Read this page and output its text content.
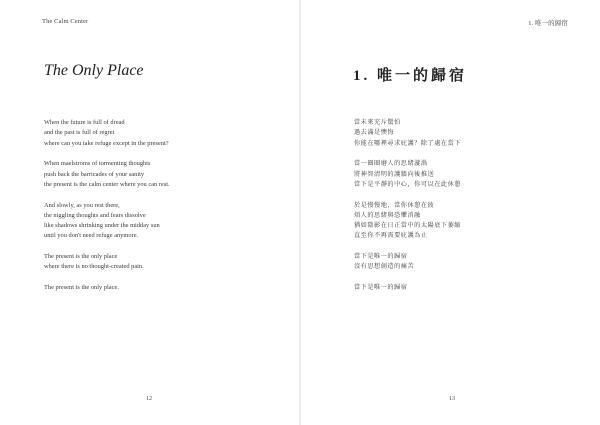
The Calm Center
The Only Place
When the future is full of dread
and the past is full of regret
where can you take refuge except in the present?
When maelstroms of tormenting thoughts
push back the barricades of your sanity
the present is the calm center where you can rest.
And slowly, as you rest there,
the niggling thoughts and fears dissolve
like shadows shrinking under the midday sun
until you don't need refuge anymore.
The present is the only place
where there is no thought-created pain.
The present is the only place.
12
1. 唯一的歸宿
1. 唯一的歸宿
當未來充斥驚怕
過去滿是懊悔
你能在哪裡尋求庇護？除了處在當下
當一圈圈磨人的思緒漩渦
將神智清明的護牆向後推送
當下是平靜的中心，你可以在此休憩
於是慢慢地，當你休憩在彼
煩人的思緒與恐懼消融
猶如陰影在日正當中的太陽底下萎縮
直至你不再需要庇護為止
當下是唯一的歸宿
沒有思想創造的痛苦
當下是唯一的歸宿
13
